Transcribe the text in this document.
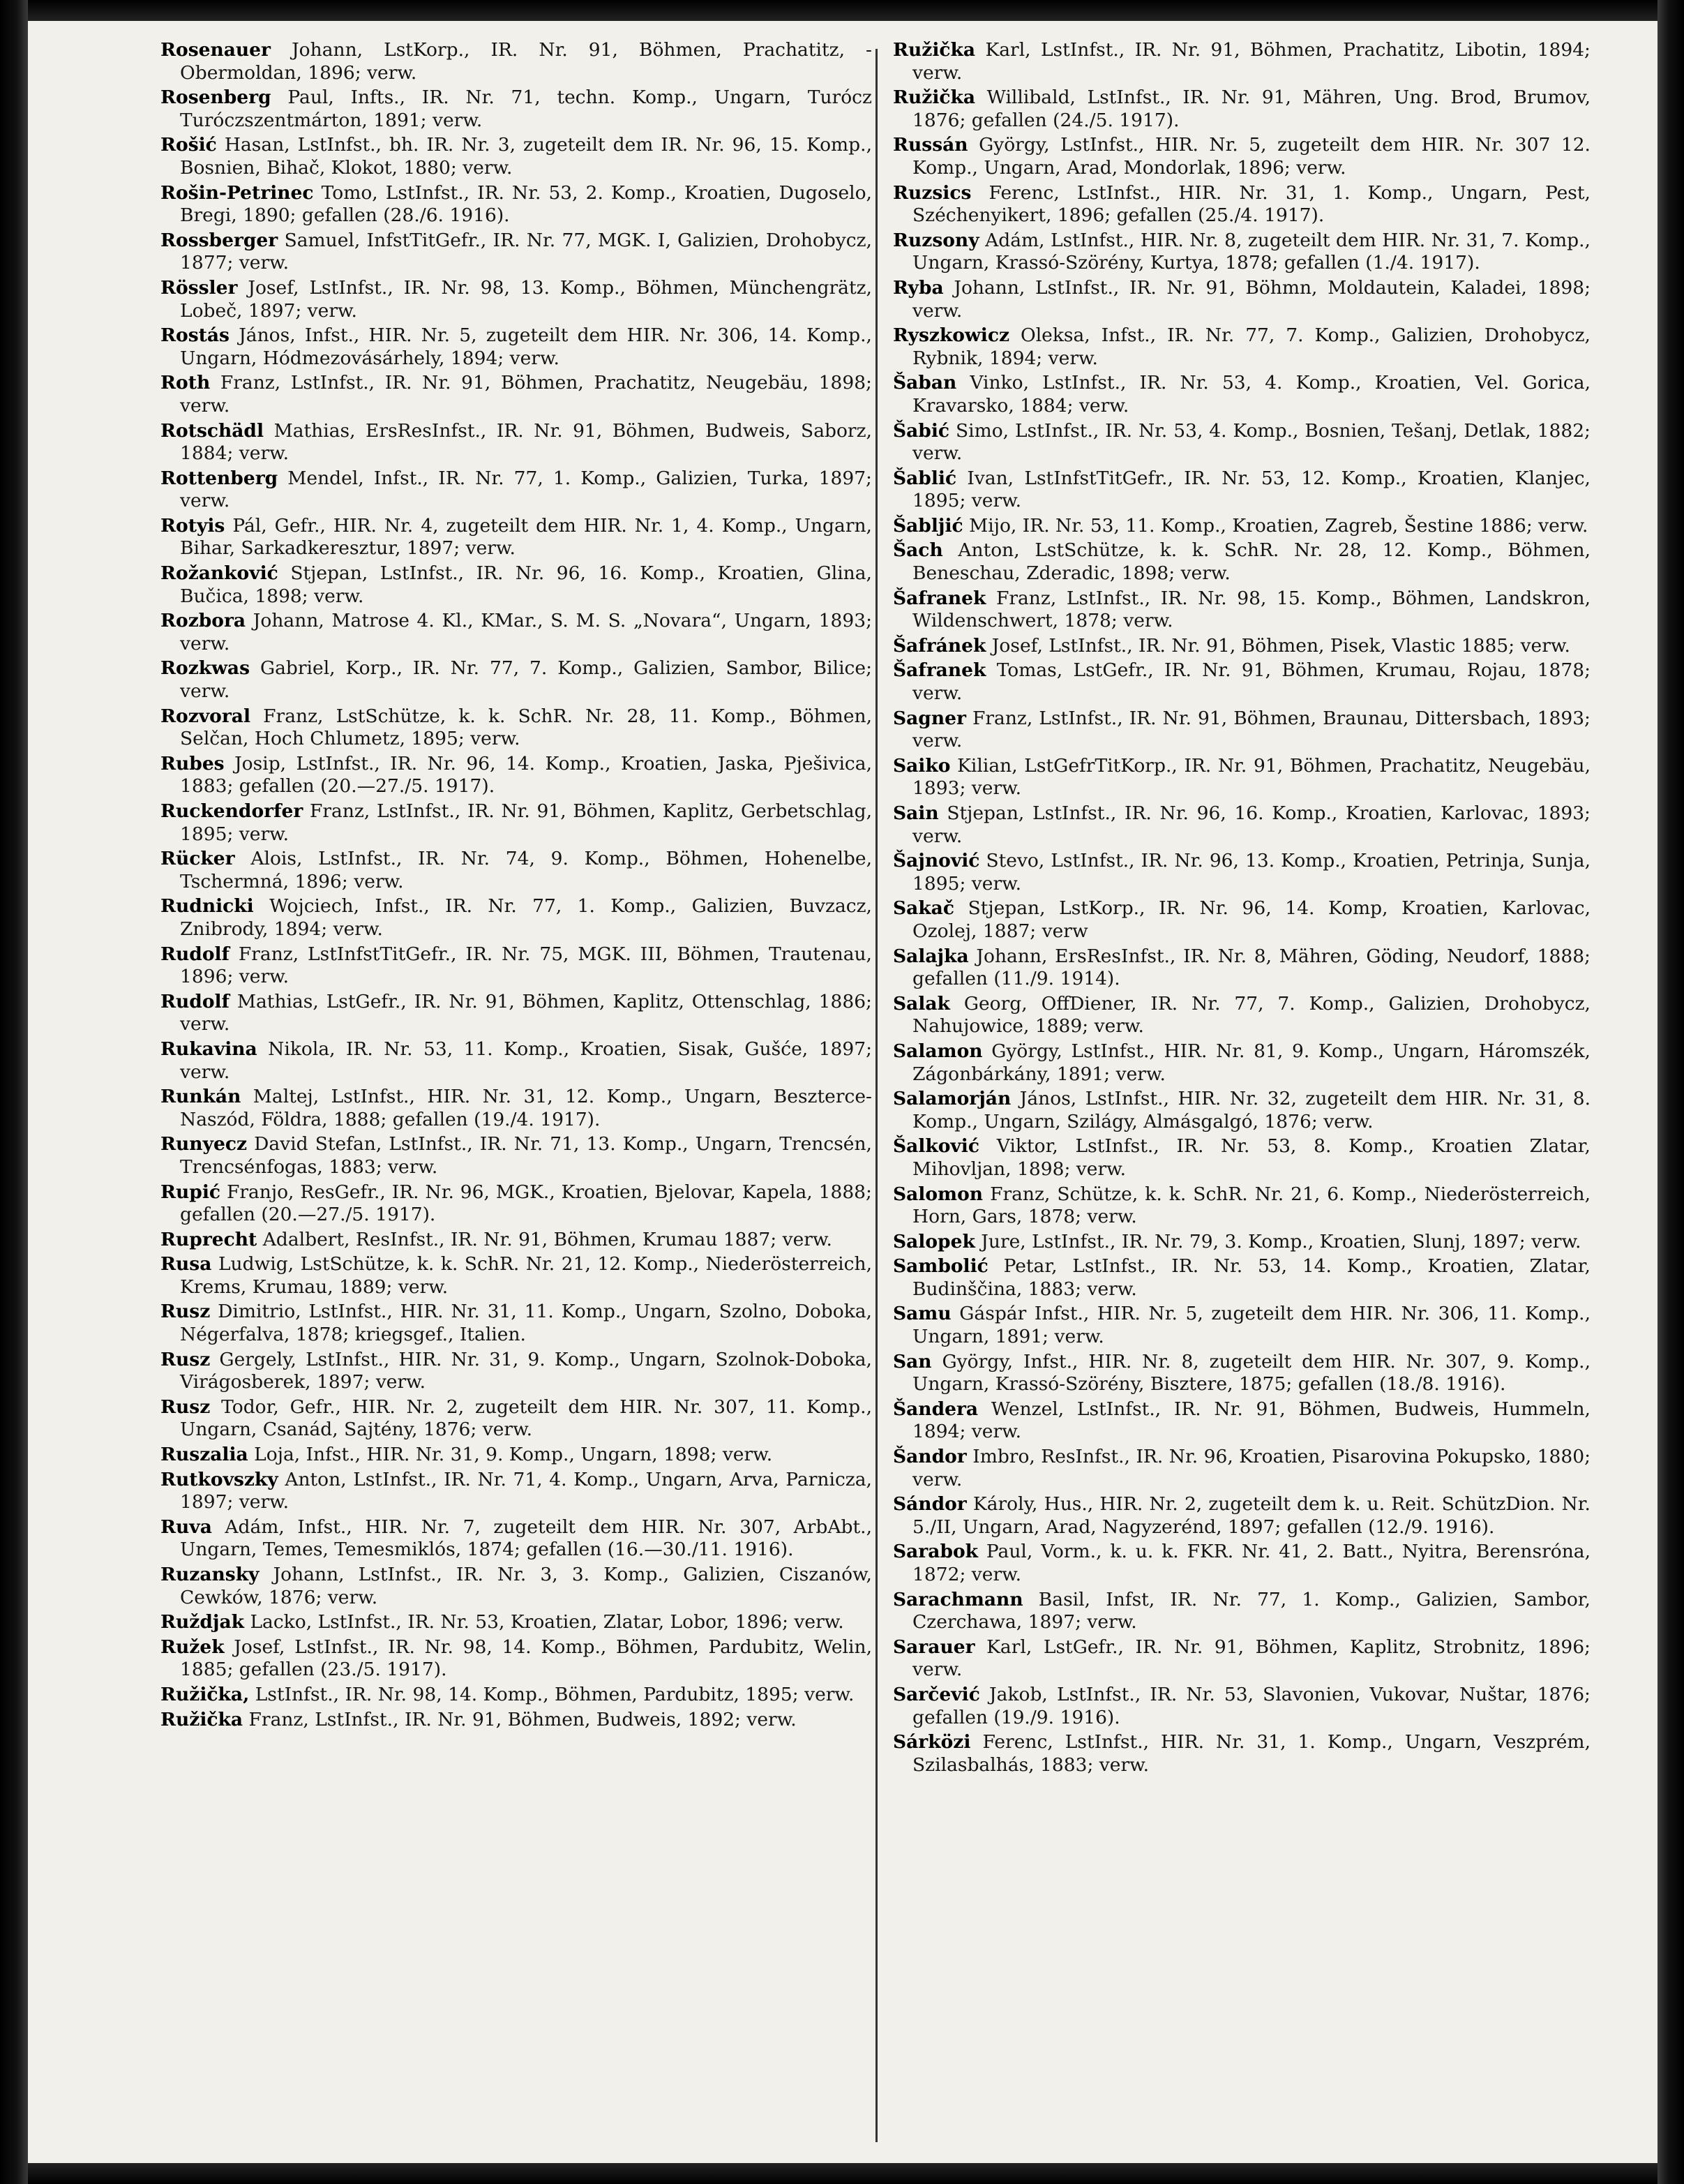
Rosenauer Johann, LstKorp., IR. Nr. 91, Böhmen, Prachatitz, -Obermoldan, 1896; verw.

Rosenberg Paul, Infts., IR. Nr. 71, techn. Komp., Ungarn, Turócz Turóczszentmárton, 1891; verw.

Rošić Hasan, LstInfst., bh. IR. Nr. 3, zugeteilt dem IR. Nr. 96, 15. Komp., Bosnien, Bihač, Klokot, 1880; verw.

Rošin-Petrinec Tomo, LstInfst., IR. Nr. 53, 2. Komp., Kroatien, Dugoselo, Bregi, 1890; gefallen (28./6. 1916).

Rossberger Samuel, InfstTitGefr., IR. Nr. 77, MGK. I, Galizien, Drohobycz, 1877; verw.

Rössler Josef, LstInfst., IR. Nr. 98, 13. Komp., Böhmen, Münchengrätz, Lobeč, 1897; verw.

Rostás János, Infst., HIR. Nr. 5, zugeteilt dem HIR. Nr. 306, 14. Komp., Ungarn, Hódmezovásárhely, 1894; verw.

Roth Franz, LstInfst., IR. Nr. 91, Böhmen, Prachatitz, Neugebäu, 1898; verw.

Rotschädl Mathias, ErsResInfst., IR. Nr. 91, Böhmen, Budweis, Saborz, 1884; verw.

Rottenberg Mendel, Infst., IR. Nr. 77, 1. Komp., Galizien, Turka, 1897; verw.

Rotyis Pál, Gefr., HIR. Nr. 4, zugeteilt dem HIR. Nr. 1, 4. Komp., Ungarn, Bihar, Sarkadkeresztur, 1897; verw.

Rožanković Stjepan, LstInfst., IR. Nr. 96, 16. Komp., Kroatien, Glina, Bučica, 1898; verw.

Rozbora Johann, Matrose 4. Kl., KMar., S. M. S. „Novara“, Ungarn, 1893; verw.

Rozkwas Gabriel, Korp., IR. Nr. 77, 7. Komp., Galizien, Sambor, Bilice; verw.

Rozvoral Franz, LstSchütze, k. k. SchR. Nr. 28, 11. Komp., Böhmen, Selčan, Hoch Chlumetz, 1895; verw.

Rubes Josip, LstInfst., IR. Nr. 96, 14. Komp., Kroatien, Jaska, Pješivica, 1883; gefallen (20.—27./5. 1917).

Ruckendorfer Franz, LstInfst., IR. Nr. 91, Böhmen, Kaplitz, Gerbetschlag, 1895; verw.

Rücker Alois, LstInfst., IR. Nr. 74, 9. Komp., Böhmen, Hohenelbe, Tschermná, 1896; verw.

Rudnicki Wojciech, Infst., IR. Nr. 77, 1. Komp., Galizien, Buvzacz, Znibrody, 1894; verw.

Rudolf Franz, LstInfstTitGefr., IR. Nr. 75, MGK. III, Böhmen, Trautenau, 1896; verw.

Rudolf Mathias, LstGefr., IR. Nr. 91, Böhmen, Kaplitz, Ottenschlag, 1886; verw.

Rukavina Nikola, IR. Nr. 53, 11. Komp., Kroatien, Sisak, Gušće, 1897; verw.

Runkán Maltej, LstInfst., HIR. Nr. 31, 12. Komp., Ungarn, Beszterce-Naszód, Földra, 1888; gefallen (19./4. 1917).

Runyecz David Stefan, LstInfst., IR. Nr. 71, 13. Komp., Ungarn, Trencsén, Trencsénfogas, 1883; verw.

Rupić Franjo, ResGefr., IR. Nr. 96, MGK., Kroatien, Bjelovar, Kapela, 1888; gefallen (20.—27./5. 1917).

Ruprecht Adalbert, ResInfst., IR. Nr. 91, Böhmen, Krumau 1887; verw.

Rusa Ludwig, LstSchütze, k. k. SchR. Nr. 21, 12. Komp., Niederösterreich, Krems, Krumau, 1889; verw.

Rusz Dimitrio, LstInfst., HIR. Nr. 31, 11. Komp., Ungarn, Szolno, Doboka, Négerfalva, 1878; kriegsgef., Italien.

Rusz Gergely, LstInfst., HIR. Nr. 31, 9. Komp., Ungarn, Szolnok-Doboka, Virágosberek, 1897; verw.

Rusz Todor, Gefr., HIR. Nr. 2, zugeteilt dem HIR. Nr. 307, 11. Komp., Ungarn, Csanád, Sajtény, 1876; verw.

Ruszalia Loja, Infst., HIR. Nr. 31, 9. Komp., Ungarn, 1898; verw.

Rutkovszky Anton, LstInfst., IR. Nr. 71, 4. Komp., Ungarn, Arva, Parnicza, 1897; verw.

Ruva Adám, Infst., HIR. Nr. 7, zugeteilt dem HIR. Nr. 307, ArbAbt., Ungarn, Temes, Temesmiklós, 1874; gefallen (16.—30./11. 1916).

Ruzansky Johann, LstInfst., IR. Nr. 3, 3. Komp., Galizien, Ciszanów, Cewków, 1876; verw.

Ruždjak Lacko, LstInfst., IR. Nr. 53, Kroatien, Zlatar, Lobor, 1896; verw.

Ružek Josef, LstInfst., IR. Nr. 98, 14. Komp., Böhmen, Pardubitz, Welin, 1885; gefallen (23./5. 1917).

Ružička, LstInfst., IR. Nr. 98, 14. Komp., Böhmen, Pardubitz, 1895; verw.

Ružička Franz, LstInfst., IR. Nr. 91, Böhmen, Budweis, 1892; verw.

Ružička Karl, LstInfst., IR. Nr. 91, Böhmen, Prachatitz, Libotin, 1894; verw.

Ružička Willibald, LstInfst., IR. Nr. 91, Mähren, Ung. Brod, Brumov, 1876; gefallen (24./5. 1917).

Russán György, LstInfst., HIR. Nr. 5, zugeteilt dem HIR. Nr. 307 12. Komp., Ungarn, Arad, Mondorlak, 1896; verw.

Ruzsics Ferenc, LstInfst., HIR. Nr. 31, 1. Komp., Ungarn, Pest, Széchenyikert, 1896; gefallen (25./4. 1917).

Ruzsony Adám, LstInfst., HIR. Nr. 8, zugeteilt dem HIR. Nr. 31, 7. Komp., Ungarn, Krassó-Szörény, Kurtya, 1878; gefallen (1./4. 1917).

Ryba Johann, LstInfst., IR. Nr. 91, Böhmn, Moldautein, Kaladei, 1898; verw.

Ryszkowicz Oleksa, Infst., IR. Nr. 77, 7. Komp., Galizien, Drohobycz, Rybnik, 1894; verw.

Šaban Vinko, LstInfst., IR. Nr. 53, 4. Komp., Kroatien, Vel. Gorica, Kravarsko, 1884; verw.

Šabić Simo, LstInfst., IR. Nr. 53, 4. Komp., Bosnien, Tešanj, Detlak, 1882; verw.

Šablić Ivan, LstInfstTitGefr., IR. Nr. 53, 12. Komp., Kroatien, Klanjec, 1895; verw.

Šabljić Mijo, IR. Nr. 53, 11. Komp., Kroatien, Zagreb, Šestine 1886; verw.

Šach Anton, LstSchütze, k. k. SchR. Nr. 28, 12. Komp., Böhmen, Beneschau, Zderadic, 1898; verw.

Šafranek Franz, LstInfst., IR. Nr. 98, 15. Komp., Böhmen, Landskron, Wildenschwert, 1878; verw.

Šafránek Josef, LstInfst., IR. Nr. 91, Böhmen, Pisek, Vlastic 1885; verw.

Šafranek Tomas, LstGefr., IR. Nr. 91, Böhmen, Krumau, Rojau, 1878; verw.

Sagner Franz, LstInfst., IR. Nr. 91, Böhmen, Braunau, Dittersbach, 1893; verw.

Saiko Kilian, LstGefrTitKorp., IR. Nr. 91, Böhmen, Prachatitz, Neugebäu, 1893; verw.

Sain Stjepan, LstInfst., IR. Nr. 96, 16. Komp., Kroatien, Karlovac, 1893; verw.

Šajnović Stevo, LstInfst., IR. Nr. 96, 13. Komp., Kroatien, Petrinja, Sunja, 1895; verw.

Sakač Stjepan, LstKorp., IR. Nr. 96, 14. Komp, Kroatien, Karlovac, Ozolej, 1887; verw

Salajka Johann, ErsResInfst., IR. Nr. 8, Mähren, Göding, Neudorf, 1888; gefallen (11./9. 1914).

Salak Georg, OffDiener, IR. Nr. 77, 7. Komp., Galizien, Drohobycz, Nahujowice, 1889; verw.

Salamon György, LstInfst., HIR. Nr. 81, 9. Komp., Ungarn, Háromszék, Zágonbárkány, 1891; verw.

Salamorján János, LstInfst., HIR. Nr. 32, zugeteilt dem HIR. Nr. 31, 8. Komp., Ungarn, Szilágy, Almásgalgó, 1876; verw.

Šalković Viktor, LstInfst., IR. Nr. 53, 8. Komp., Kroatien Zlatar, Mihovljan, 1898; verw.

Salomon Franz, Schütze, k. k. SchR. Nr. 21, 6. Komp., Niederösterreich, Horn, Gars, 1878; verw.

Salopek Jure, LstInfst., IR. Nr. 79, 3. Komp., Kroatien, Slunj, 1897; verw.

Sambolić Petar, LstInfst., IR. Nr. 53, 14. Komp., Kroatien, Zlatar, Budinščina, 1883; verw.

Samu Gáspár Infst., HIR. Nr. 5, zugeteilt dem HIR. Nr. 306, 11. Komp., Ungarn, 1891; verw.

San György, Infst., HIR. Nr. 8, zugeteilt dem HIR. Nr. 307, 9. Komp., Ungarn, Krassó-Szörény, Bisztere, 1875; gefallen (18./8. 1916).

Šandera Wenzel, LstInfst., IR. Nr. 91, Böhmen, Budweis, Hummeln, 1894; verw.

Šandor Imbro, ResInfst., IR. Nr. 96, Kroatien, Pisarovina Pokupsko, 1880; verw.

Sándor Károly, Hus., HIR. Nr. 2, zugeteilt dem k. u. Reit. SchützDion. Nr. 5./II, Ungarn, Arad, Nagyzerénd, 1897; gefallen (12./9. 1916).

Sarabok Paul, Vorm., k. u. k. FKR. Nr. 41, 2. Batt., Nyitra, Berensróna, 1872; verw.

Sarachmann Basil, Infst, IR. Nr. 77, 1. Komp., Galizien, Sambor, Czerchawa, 1897; verw.

Sarauer Karl, LstGefr., IR. Nr. 91, Böhmen, Kaplitz, Strobnitz, 1896; verw.

Sarčević Jakob, LstInfst., IR. Nr. 53, Slavonien, Vukovar, Nuštar, 1876; gefallen (19./9. 1916).

Sárközi Ferenc, LstInfst., HIR. Nr. 31, 1. Komp., Ungarn, Veszprém, Szilasbalhás, 1883; verw.
